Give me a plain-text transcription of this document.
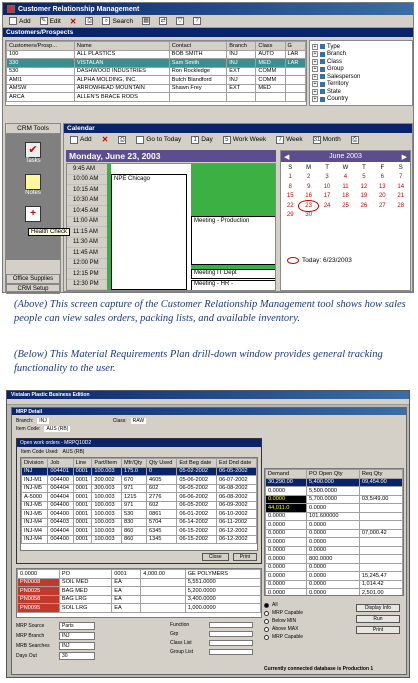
Customer Relationship Management
Add ✎ Edit ✕ ⎙	⌕ Search ▦ ⇄ ▽	?
Customers/Prospects
Customers/Prosp...	Name	Contact	Branch	Class	G
100	ALL PLASTICS	BOB SMITH	INJ	AUTO	LAR
330	VISTALAN	Sam Smith	INJ	MED	LAR
530	DASHWOOD INDUSTRIES	Ron Rockledge	EXT	COMM	
AMI1	ALPHA MOLDING, INC.	Butch Blandford	INJ	COMM	
AMSW	ARROWHEAD MOUNTAIN	Shawn Frey	EXT	MED	
ARCA	ALLEN'S BRACE RODS				
+ Type
+ Branch
+ Class
+ Group
+ Salesperson
+ Territory
+ State
+ Country
CRM Tools
✔
Tasks
Notes
+
Health Check
Office Supplies
CRM Setup
Calendar
Add ✕ ⎙	Go to Today	1 Day	5 Work Week	7 Week 31 Month ⎙
Monday, June 23, 2003
9:45 AM
10:00 AM
10:15 AM
10:30 AM
10:45 AM
11:00 AM
11:15 AM
11:30 AM
11:45 AM
12:00 PM
12:15 PM
12:30 PM
NPE Chicago
Meeting - Production
Meeting IT Dept
Meeting - HR -
◀	June 2003	▶
S	M	T	W	T	F	S
1	2	3	4	5	6	7
8	9	10	11	12	13	14
15	16	17	18	19	20	21
22	23	24	25	26	27	28
29	30					
Today: 6/23/2003
(Above) This screen capture of the Customer Relationship Management tool shows how sales people can view sales orders, packing lists, and available inventory.
(Below) This Material Requirements Plan drill-down window provides general tracking functionality to the user.
Vistalan Plastic Business Edition
MRP Detail
Branch:	INJ	Class:	RAW
Item Code:	AUS (RB)
Open work orders - MRPQ10D2
Item Code Used: AUS (RB)
Division	Job	Line	Part/Item	Mfr/Qty	Qty Used	Est Beg date	Est Dnd date
INJ	004401	0001	100.003	175.0	0	05-02-2002	06-05-2002
INJ-M1	004400	0001	200.002	670	4605	05-06-2002	06-07-2002
INJ-M5	004404	0001	300.003	971	602	06-05-2002	06-08-2002
A-5000	004404	0001	100.003	1215	2776	06-06-2002	06-08-2002
INJ-M5	004400	0001	100.003	971	602	06-05-2002	06-09-2002
INJ-M5	004400	0001	100.003	530	0861	06-01-2002	06-10-2002
INJ-M4	004403	0001	100.003	830	5704	06-14-2002	06-11-2002
INJ-M4	004404	0001	100.003	860	6345	06-15-2002	06-12-2002
INJ-M4	004400	0001	100.003	860	1345	06-15-2002	06-12-2002
Close	Print
Demand	PO Open Qty	Req Qty
30,290.00	5,400.000	09,454.00
0.0000	5,500.0000	
0.0000	5,700.0000	03,5/49.00
44,011.0	0.0000	
0.0000	101.600000	
0.0000	0.0000	
0.0000	0.0000	07,000.42
0.0000	0.0000	
0.0000	0.0000	
0.0000	800.0000	
0.0000	0.0000	
0.0000	0.0000	15,245.47
0.0000	0.0000	1,014.42
0.0000	0.0000	2,501.00

0.0000	PO	0001	4,000.00	GE POLYMERS
PN0008	SOIL MED	EA		5,551.0000
PN0025	BAG MED	EA		5,200.0000
PN0058	BAG LRG	EA		3,400.0000
PN0095	SOIL LRG	EA		1,000.0000
MRP Source	Parts
MRP Branch	INJ
MRB Searches	INJ
Days Out	30
Function
Grp
Class List
Group List
All
MRP Capable
Below MIN
Above MAX
MRP Capable
Display Info
Run
Print
Currently connected database is Production 1
